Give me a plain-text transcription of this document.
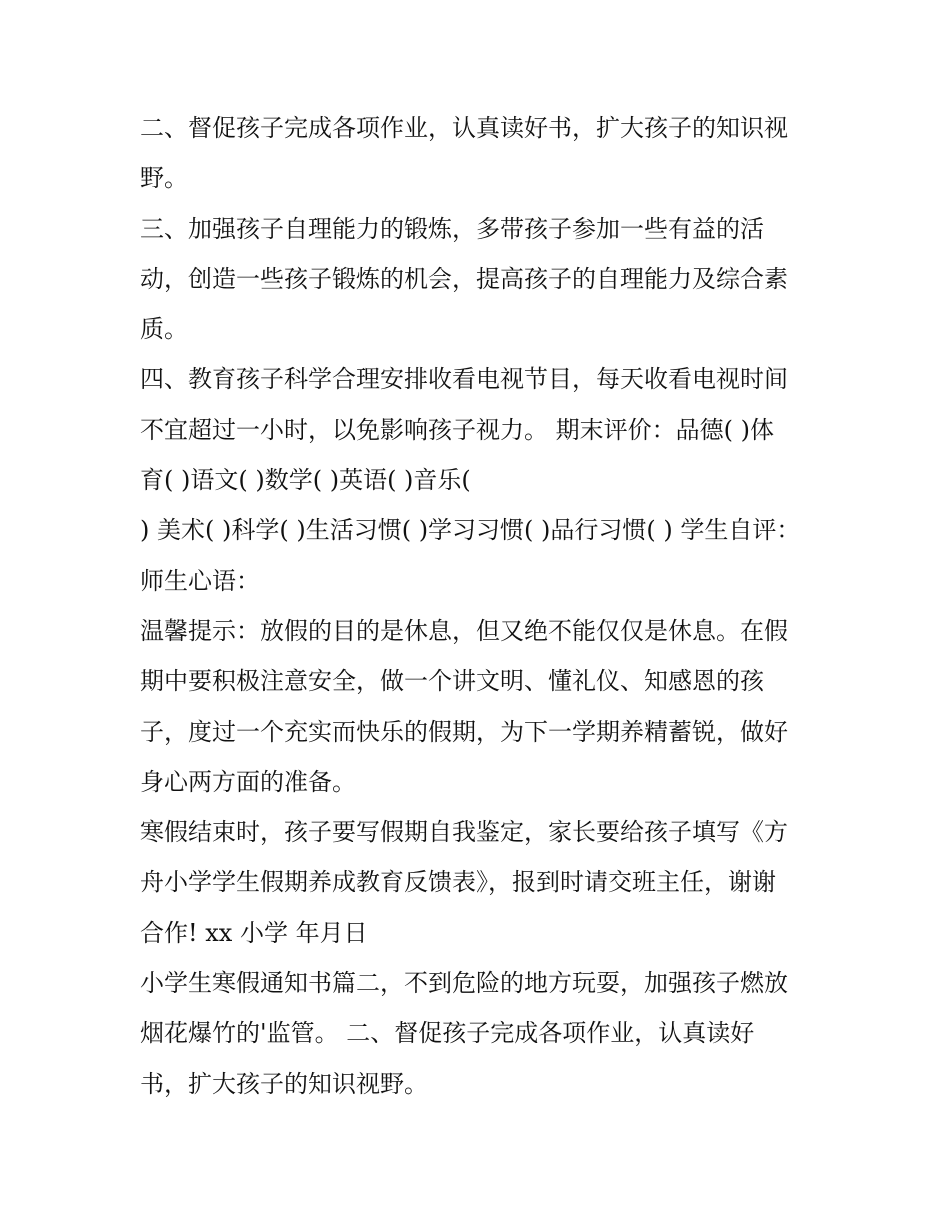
二、督促孩子完成各项作业，认真读好书，扩大孩子的知识视
野。
三、加强孩子自理能力的锻炼，多带孩子参加一些有益的活
动，创造一些孩子锻炼的机会，提高孩子的自理能力及综合素
质。
四、教育孩子科学合理安排收看电视节目，每天收看电视时间
不宜超过一小时，以免影响孩子视力。 期末评价：品德( )体
育( )语文( )数学( )英语( )音乐(
) 美术( )科学( )生活习惯( )学习习惯( )品行习惯( ) 学生自评：
师生心语：
温馨提示：放假的目的是休息，但又绝不能仅仅是休息。在假
期中要积极注意安全，做一个讲文明、懂礼仪、知感恩的孩
子，度过一个充实而快乐的假期，为下一学期养精蓄锐，做好
身心两方面的准备。
寒假结束时，孩子要写假期自我鉴定，家长要给孩子填写《方
舟小学学生假期养成教育反馈表》，报到时请交班主任，谢谢
合作! xx 小学 年月日
小学生寒假通知书篇二，不到危险的地方玩耍，加强孩子燃放
烟花爆竹的'监管。 二、督促孩子完成各项作业，认真读好
书，扩大孩子的知识视野。
